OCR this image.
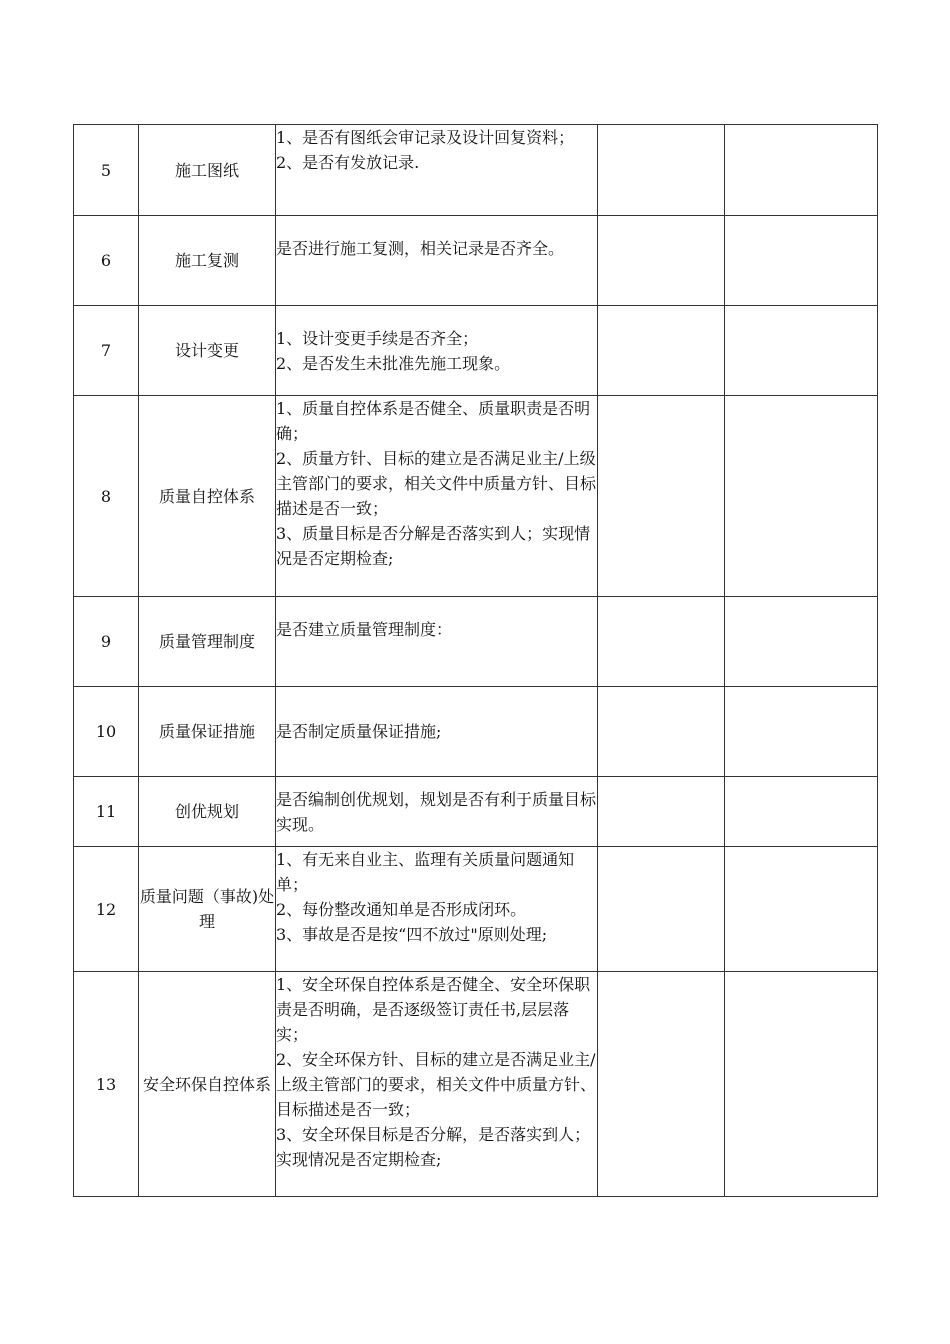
5	施工图纸	1、是否有图纸会审记录及设计回复资料；
2、是否有发放记录.		

6	施工复测	是否进行施工复测，相关记录是否齐全。		

7	设计变更	1、设计变更手续是否齐全；
2、是否发生未批准先施工现象。		

8	质量自控体系	1、质量自控体系是否健全、质量职责是否明确；
2、质量方针、目标的建立是否满足业主/上级主管部门的要求，相关文件中质量方针、目标描述是否一致；
3、质量目标是否分解是否落实到人；实现情况是否定期检查;		

9	质量管理制度	是否建立质量管理制度：		

10	质量保证措施	是否制定质量保证措施;		

11	创优规划	是否编制创优规划，规划是否有利于质量目标实现。		

12	质量问题（事故)处理	1、有无来自业主、监理有关质量问题通知单；
2、每份整改通知单是否形成闭环。
3、事故是否是按“四不放过"原则处理;		

13	安全环保自控体系	1、安全环保自控体系是否健全、安全环保职责是否明确，是否逐级签订责任书,层层落实；
2、安全环保方针、目标的建立是否满足业主/上级主管部门的要求，相关文件中质量方针、目标描述是否一致；
3、安全环保目标是否分解，是否落实到人；实现情况是否定期检查;		
